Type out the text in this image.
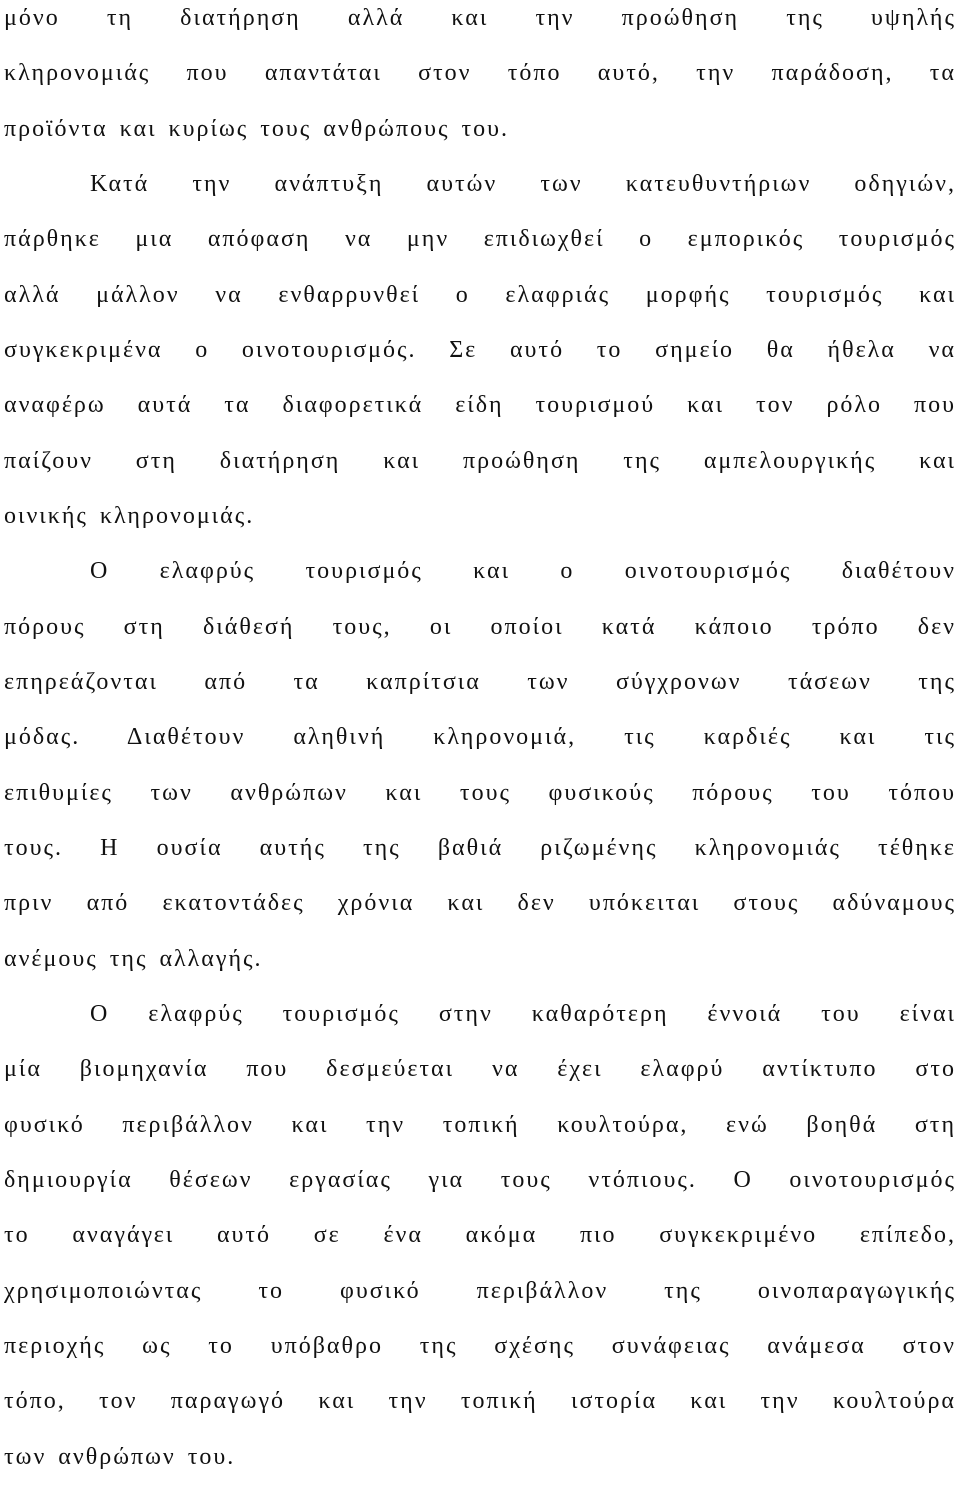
μόνο τη διατήρηση αλλά και την προώθηση της υψηλής
κληρονομιάς που απαντάται στον τόπο αυτό, την παράδοση, τα
προϊόντα και κυρίως τους ανθρώπους του.
Κατά την ανάπτυξη αυτών των κατευθυντήριων οδηγιών,
πάρθηκε μια απόφαση να μην επιδιωχθεί ο εμπορικός τουρισμός
αλλά μάλλον να ενθαρρυνθεί ο ελαφριάς μορφής τουρισμός και
συγκεκριμένα ο οινοτουρισμός. Σε αυτό το σημείο θα ήθελα να
αναφέρω αυτά τα διαφορετικά είδη τουρισμού και τον ρόλο που
παίζουν στη διατήρηση και προώθηση της αμπελουργικής και
οινικής κληρονομιάς.
Ο ελαφρύς τουρισμός και ο οινοτουρισμός διαθέτουν
πόρους στη διάθεσή τους, οι οποίοι κατά κάποιο τρόπο δεν
επηρεάζονται από τα καπρίτσια των σύγχρονων τάσεων της
μόδας. Διαθέτουν αληθινή κληρονομιά, τις καρδιές και τις
επιθυμίες των ανθρώπων και τους φυσικούς πόρους του τόπου
τους. Η ουσία αυτής της βαθιά ριζωμένης κληρονομιάς τέθηκε
πριν από εκατοντάδες χρόνια και δεν υπόκειται στους αδύναμους
ανέμους της αλλαγής.
Ο ελαφρύς τουρισμός στην καθαρότερη έννοιά του είναι
μία βιομηχανία που δεσμεύεται να έχει ελαφρύ αντίκτυπο στο
φυσικό περιβάλλον και την τοπική κουλτούρα, ενώ βοηθά στη
δημιουργία θέσεων εργασίας για τους ντόπιους. Ο οινοτουρισμός
το αναγάγει αυτό σε ένα ακόμα πιο συγκεκριμένο επίπεδο,
χρησιμοποιώντας το φυσικό περιβάλλον της οινοπαραγωγικής
περιοχής ως το υπόβαθρο της σχέσης συνάφειας ανάμεσα στον
τόπο, τον παραγωγό και την τοπική ιστορία και την κουλτούρα
των ανθρώπων του.
